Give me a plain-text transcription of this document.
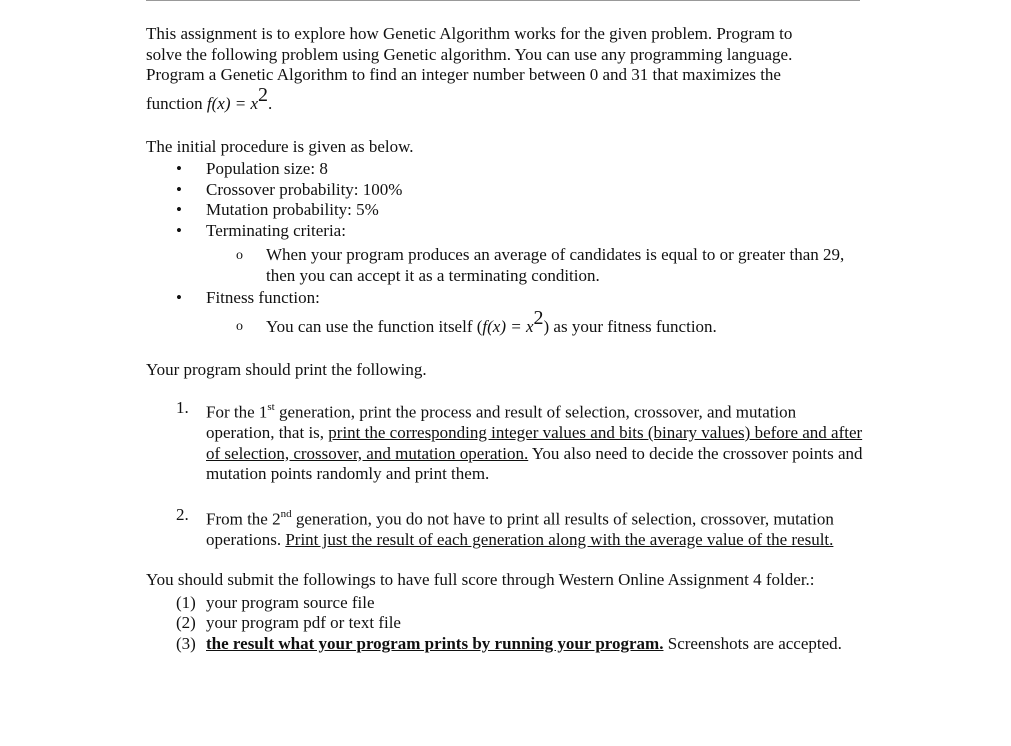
This assignment is to explore how Genetic Algorithm works for the given problem. Program to
solve the following problem using Genetic algorithm. You can use any programming language.
Program a Genetic Algorithm to find an integer number between 0 and 31 that maximizes the
function f(x) = x2.

The initial procedure is given as below.

• Population size: 8
• Crossover probability: 100%
• Mutation probability: 5%
• Terminating criteria:
o When your program produces an average of candidates is equal to or greater than 29, then you can accept it as a terminating condition.
• Fitness function:
o You can use the function itself (f(x) = x2) as your fitness function.

Your program should print the following.

1. For the 1st generation, print the process and result of selection, crossover, and mutation operation, that is, print the corresponding integer values and bits (binary values) before and after of selection, crossover, and mutation operation. You also need to decide the crossover points and mutation points randomly and print them.
2. From the 2nd generation, you do not have to print all results of selection, crossover, mutation operations. Print just the result of each generation along with the average value of the result.

You should submit the followings to have full score through Western Online Assignment 4 folder.:

(1) your program source file
(2) your program pdf or text file
(3) the result what your program prints by running your program. Screenshots are accepted.
